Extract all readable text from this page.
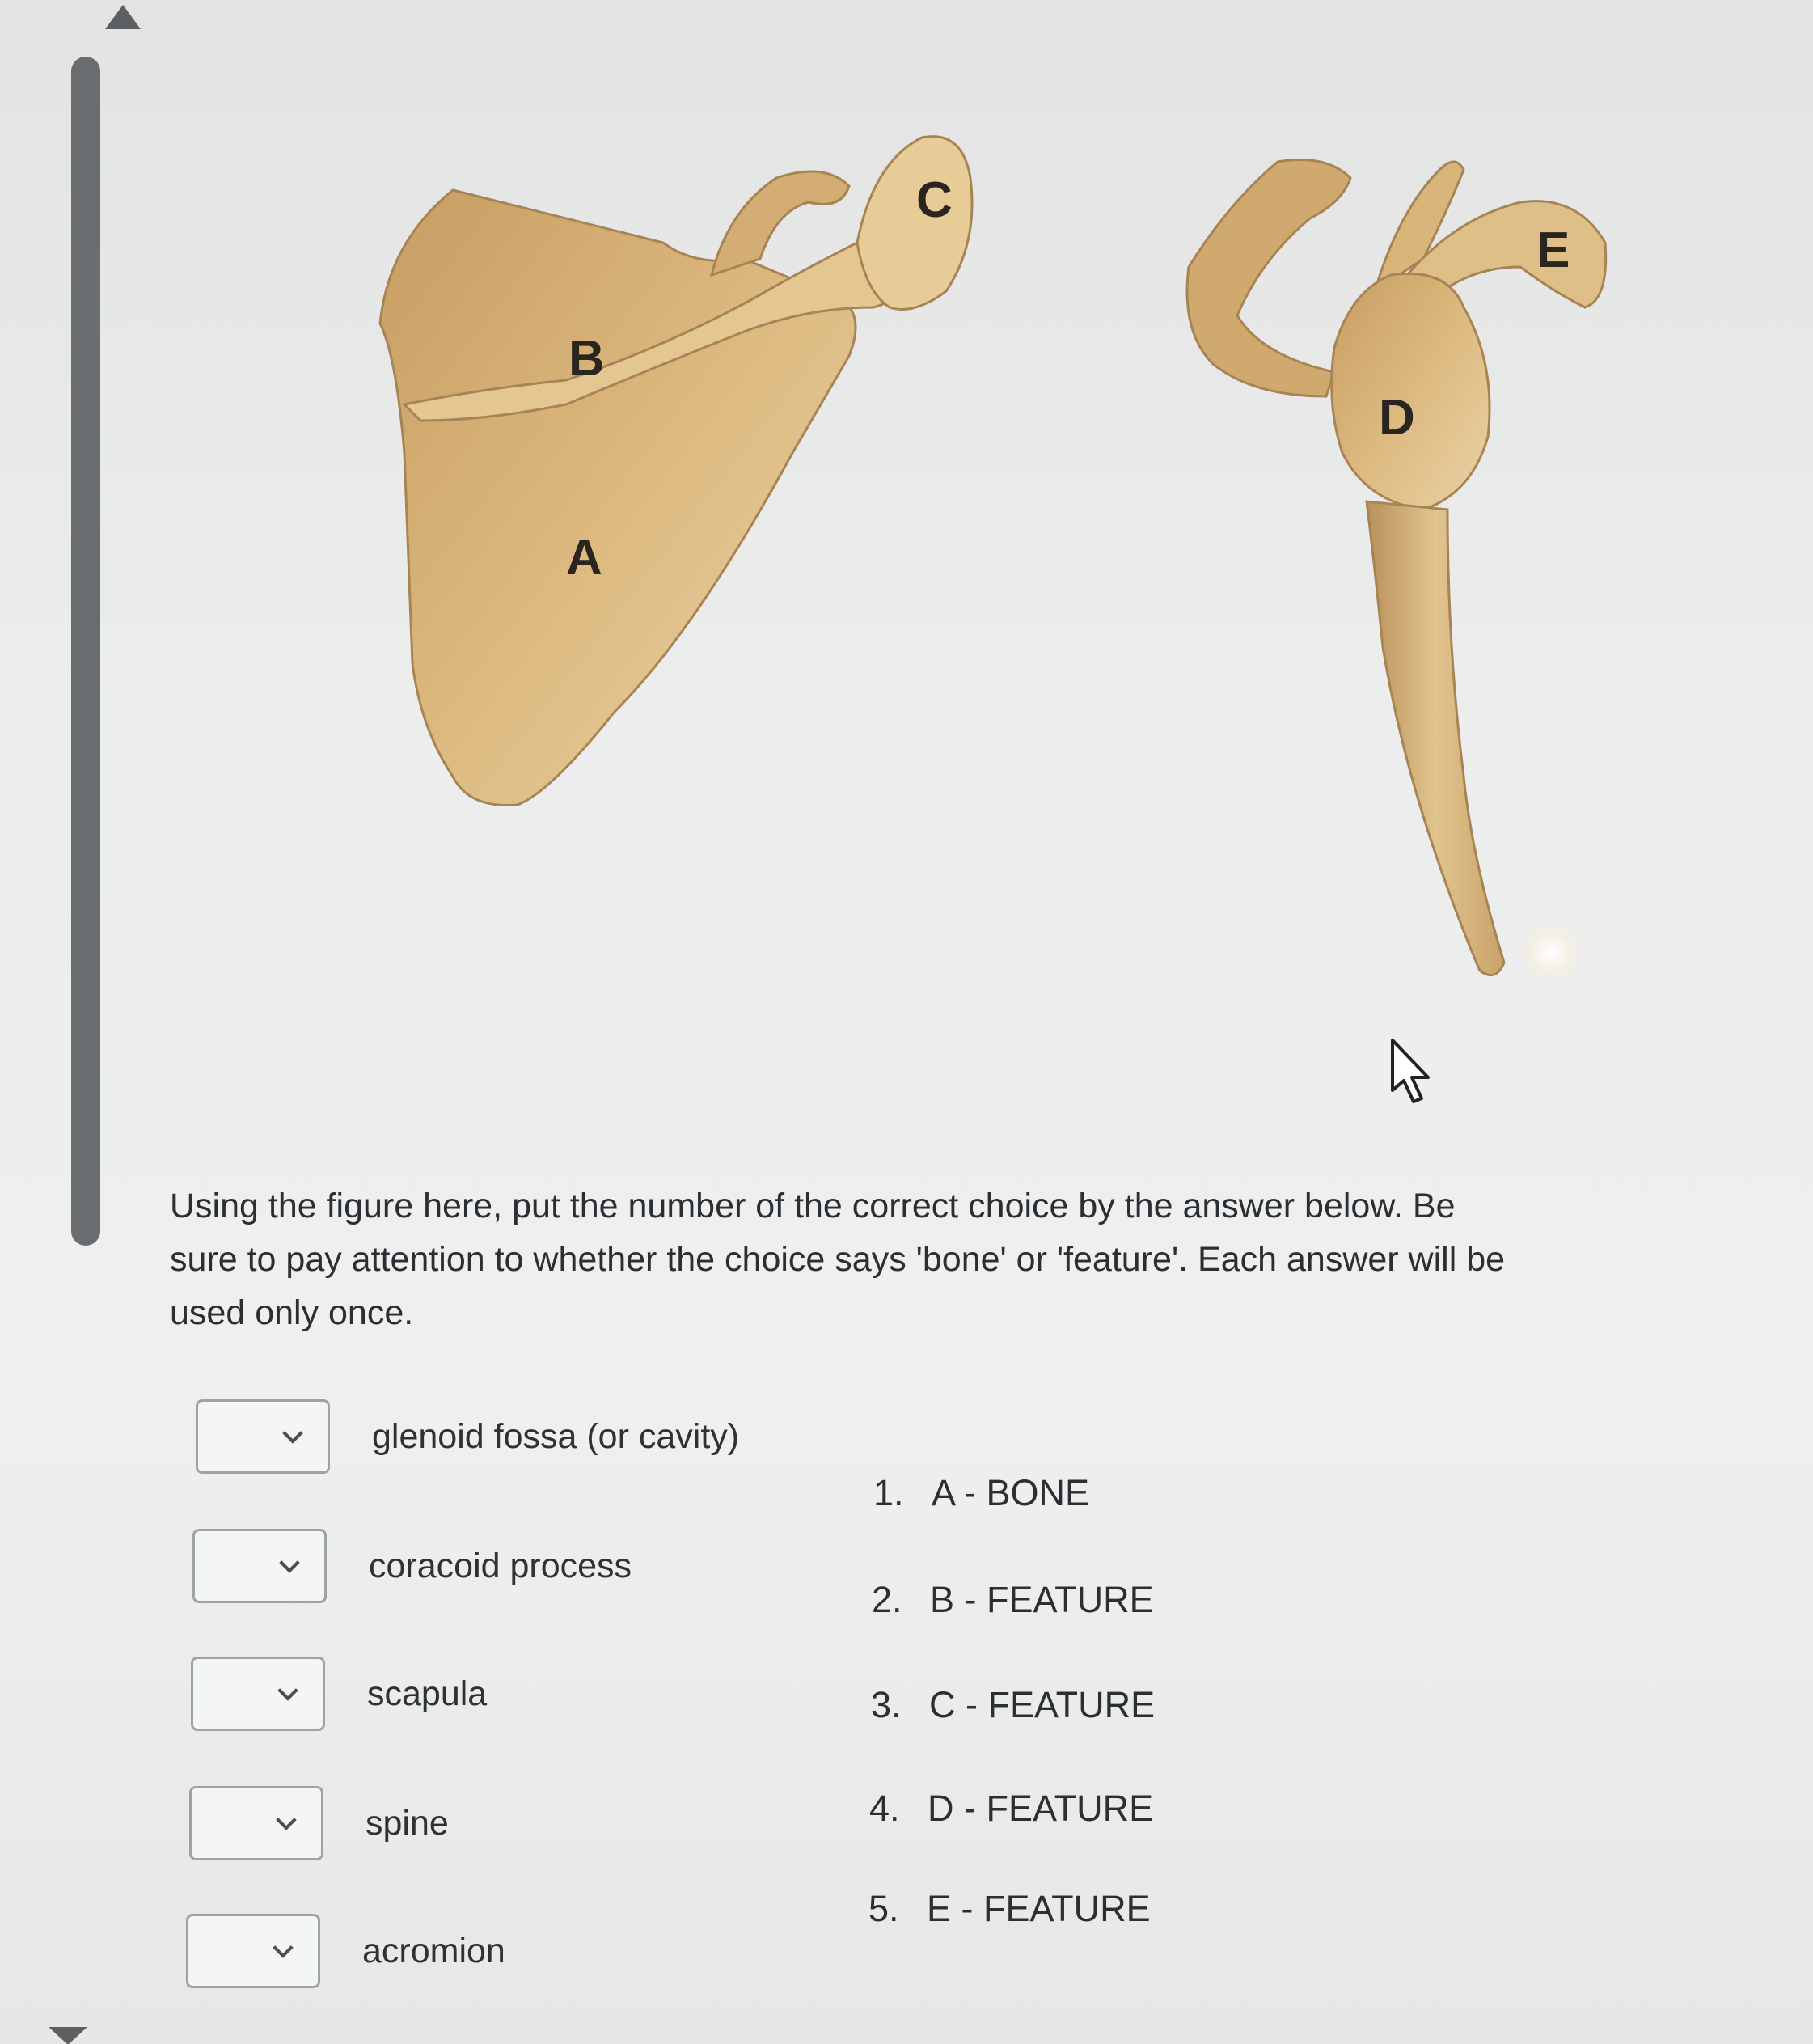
A
B
C
D
E
Using the figure here, put the number of the correct choice by the answer below. Be sure to pay attention to whether the choice says 'bone' or 'feature'. Each answer will be used only once.
glenoid fossa (or cavity)
coracoid process
scapula
spine
acromion
1. A - BONE
2. B - FEATURE
3. C - FEATURE
4. D - FEATURE
5. E - FEATURE
